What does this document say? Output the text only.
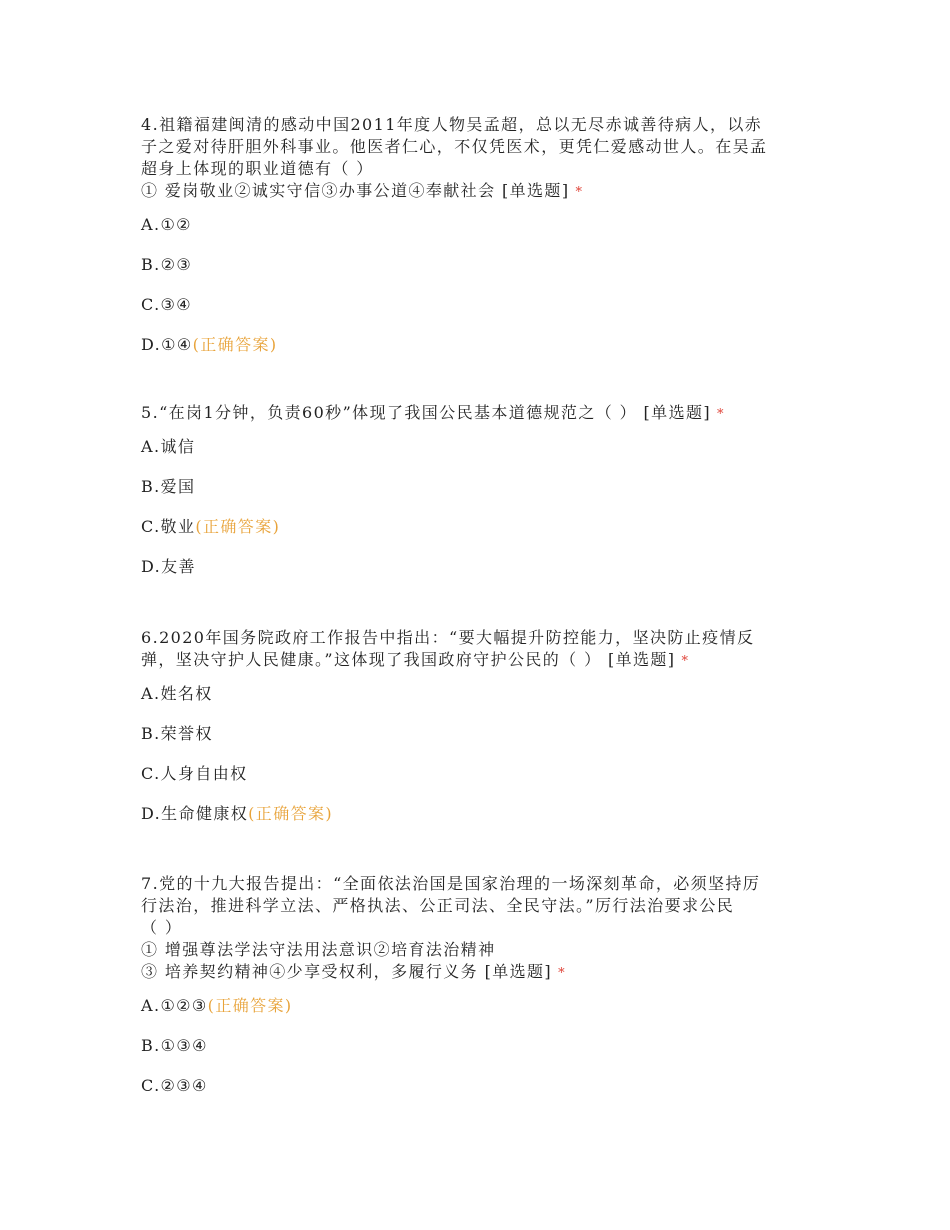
4.祖籍福建闽清的感动中国2011年度人物吴孟超，总以无尽赤诚善待病人，以赤
子之爱对待肝胆外科事业。他医者仁心，不仅凭医术，更凭仁爱感动世人。在吴孟
超身上体现的职业道德有（ ）
① 爱岗敬业②诚实守信③办事公道④奉献社会 [单选题] *
A.①②
B.②③
C.③④
D.①④(正确答案)
5.“在岗1分钟，负责60秒”体现了我国公民基本道德规范之（ ） [单选题] *
A.诚信
B.爱国
C.敬业(正确答案)
D.友善
6.2020年国务院政府工作报告中指出：“要大幅提升防控能力，坚决防止疫情反
弹，坚决守护人民健康。”这体现了我国政府守护公民的（ ） [单选题] *
A.姓名权
B.荣誉权
C.人身自由权
D.生命健康权(正确答案)
7.党的十九大报告提出：“全面依法治国是国家治理的一场深刻革命，必须坚持厉
行法治，推进科学立法、严格执法、公正司法、全民守法。”厉行法治要求公民
（ ）
① 增强尊法学法守法用法意识②培育法治精神
③ 培养契约精神④少享受权利，多履行义务 [单选题] *
A.①②③(正确答案)
B.①③④
C.②③④
